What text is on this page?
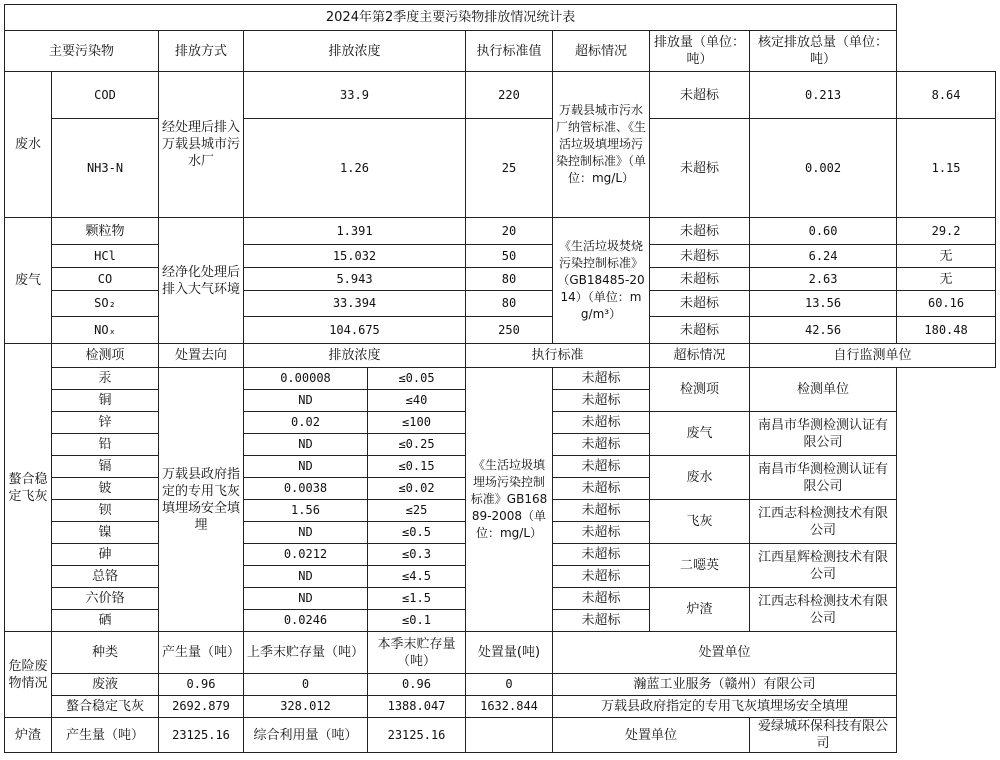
2024年第2季度主要污染物排放情况统计表									
主要污染物		排放方式	排放浓度		执行标准值	超标情况	排放量（单位：吨）	核定排放总量（单位：吨）	
废水	COD	经处理后排入万载县城市污水厂	33.9		220	万载县城市污水厂纳管标准、《生活垃圾填埋场污染控制标准》（单位：mg/L）	未超标	0.213	8.64
	NH3-N		1.26		25		未超标	0.002	1.15
废气	颗粒物	经净化处理后排入大气环境	1.391		20	《生活垃圾焚烧污染控制标准》（GB18485-2014）（单位：mg/m³）	未超标	0.60	29.2
	HCl		15.032		50		未超标	6.24	无
	CO		5.943		80		未超标	2.63	无
	SO₂		33.394		80		未超标	13.56	60.16
	NOₓ		104.675		250		未超标	42.56	180.48
螯合稳定飞灰	检测项	处置去向	排放浓度		执行标准		超标情况	自行监测单位	
	汞	万载县政府指定的专用飞灰填埋场安全填埋	0.00008	≤0.05	《生活垃圾填埋场污染控制标准》GB16889-2008（单位：mg/L）	未超标	检测项	检测单位	
	铜		ND	≤40		未超标			
	锌		0.02	≤100		未超标	废气	南昌市华测检测认证有限公司	
	铅		ND	≤0.25		未超标			
	镉		ND	≤0.15		未超标	废水	南昌市华测检测认证有限公司	
	铍		0.0038	≤0.02		未超标			
	钡		1.56	≤25		未超标	飞灰	江西志科检测技术有限公司	
	镍		ND	≤0.5		未超标			
	砷		0.0212	≤0.3		未超标	二噁英	江西星辉检测技术有限公司	
	总铬		ND	≤4.5		未超标			
	六价铬		ND	≤1.5		未超标	炉渣	江西志科检测技术有限公司	
	硒		0.0246	≤0.1		未超标			
危险废物情况	种类	产生量（吨）	上季末贮存量（吨）	本季末贮存量（吨）	处置量(吨)	处置单位			
	废液	0.96	0	0.96	0	瀚蓝工业服务（赣州）有限公司			
	螯合稳定飞灰	2692.879	328.012	1388.047	1632.844	万载县政府指定的专用飞灰填埋场安全填埋			
炉渣	产生量（吨）	23125.16	综合利用量（吨）	23125.16		处置单位		爱绿城环保科技有限公司	
